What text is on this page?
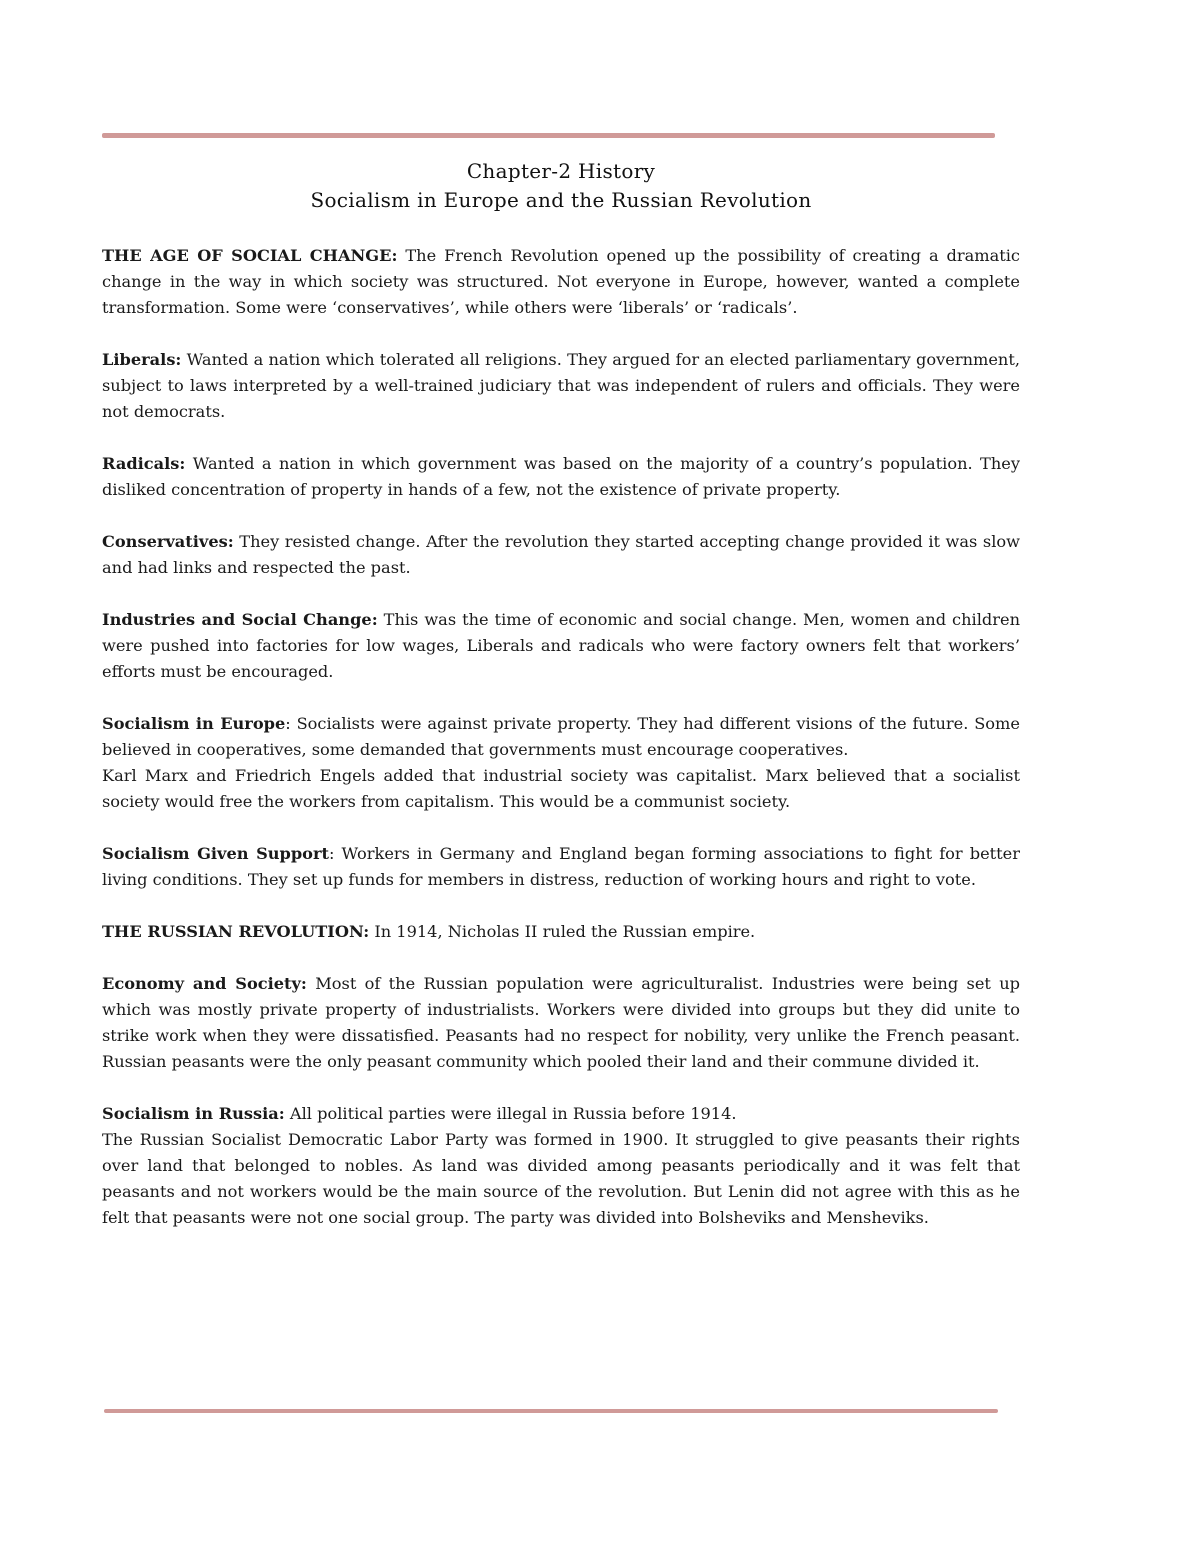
Chapter-2 History
Socialism in Europe and the Russian Revolution

THE AGE OF SOCIAL CHANGE: The French Revolution opened up the possibility of creating a dramatic change in the way in which society was structured. Not everyone in Europe, however, wanted a complete transformation. Some were ‘conservatives’, while others were ‘liberals’ or ‘radicals’.

Liberals: Wanted a nation which tolerated all religions. They argued for an elected parliamentary government, subject to laws interpreted by a well-trained judiciary that was independent of rulers and officials. They were not democrats.

Radicals: Wanted a nation in which government was based on the majority of a country’s population. They disliked concentration of property in hands of a few, not the existence of private property.

Conservatives: They resisted change. After the revolution they started accepting change provided it was slow and had links and respected the past.

Industries and Social Change: This was the time of economic and social change. Men, women and children were pushed into factories for low wages, Liberals and radicals who were factory owners felt that workers’ efforts must be encouraged.

Socialism in Europe: Socialists were against private property. They had different visions of the future. Some believed in cooperatives, some demanded that governments must encourage cooperatives.

Karl Marx and Friedrich Engels added that industrial society was capitalist. Marx believed that a socialist society would free the workers from capitalism. This would be a communist society.

Socialism Given Support: Workers in Germany and England began forming associations to fight for better living conditions. They set up funds for members in distress, reduction of working hours and right to vote.

THE RUSSIAN REVOLUTION: In 1914, Nicholas II ruled the Russian empire.

Economy and Society: Most of the Russian population were agriculturalist. Industries were being set up which was mostly private property of industrialists. Workers were divided into groups but they did unite to strike work when they were dissatisfied. Peasants had no respect for nobility, very unlike the French peasant. Russian peasants were the only peasant community which pooled their land and their commune divided it.

Socialism in Russia: All political parties were illegal in Russia before 1914.

The Russian Socialist Democratic Labor Party was formed in 1900. It struggled to give peasants their rights over land that belonged to nobles. As land was divided among peasants periodically and it was felt that peasants and not workers would be the main source of the revolution. But Lenin did not agree with this as he felt that peasants were not one social group. The party was divided into Bolsheviks and Mensheviks.
